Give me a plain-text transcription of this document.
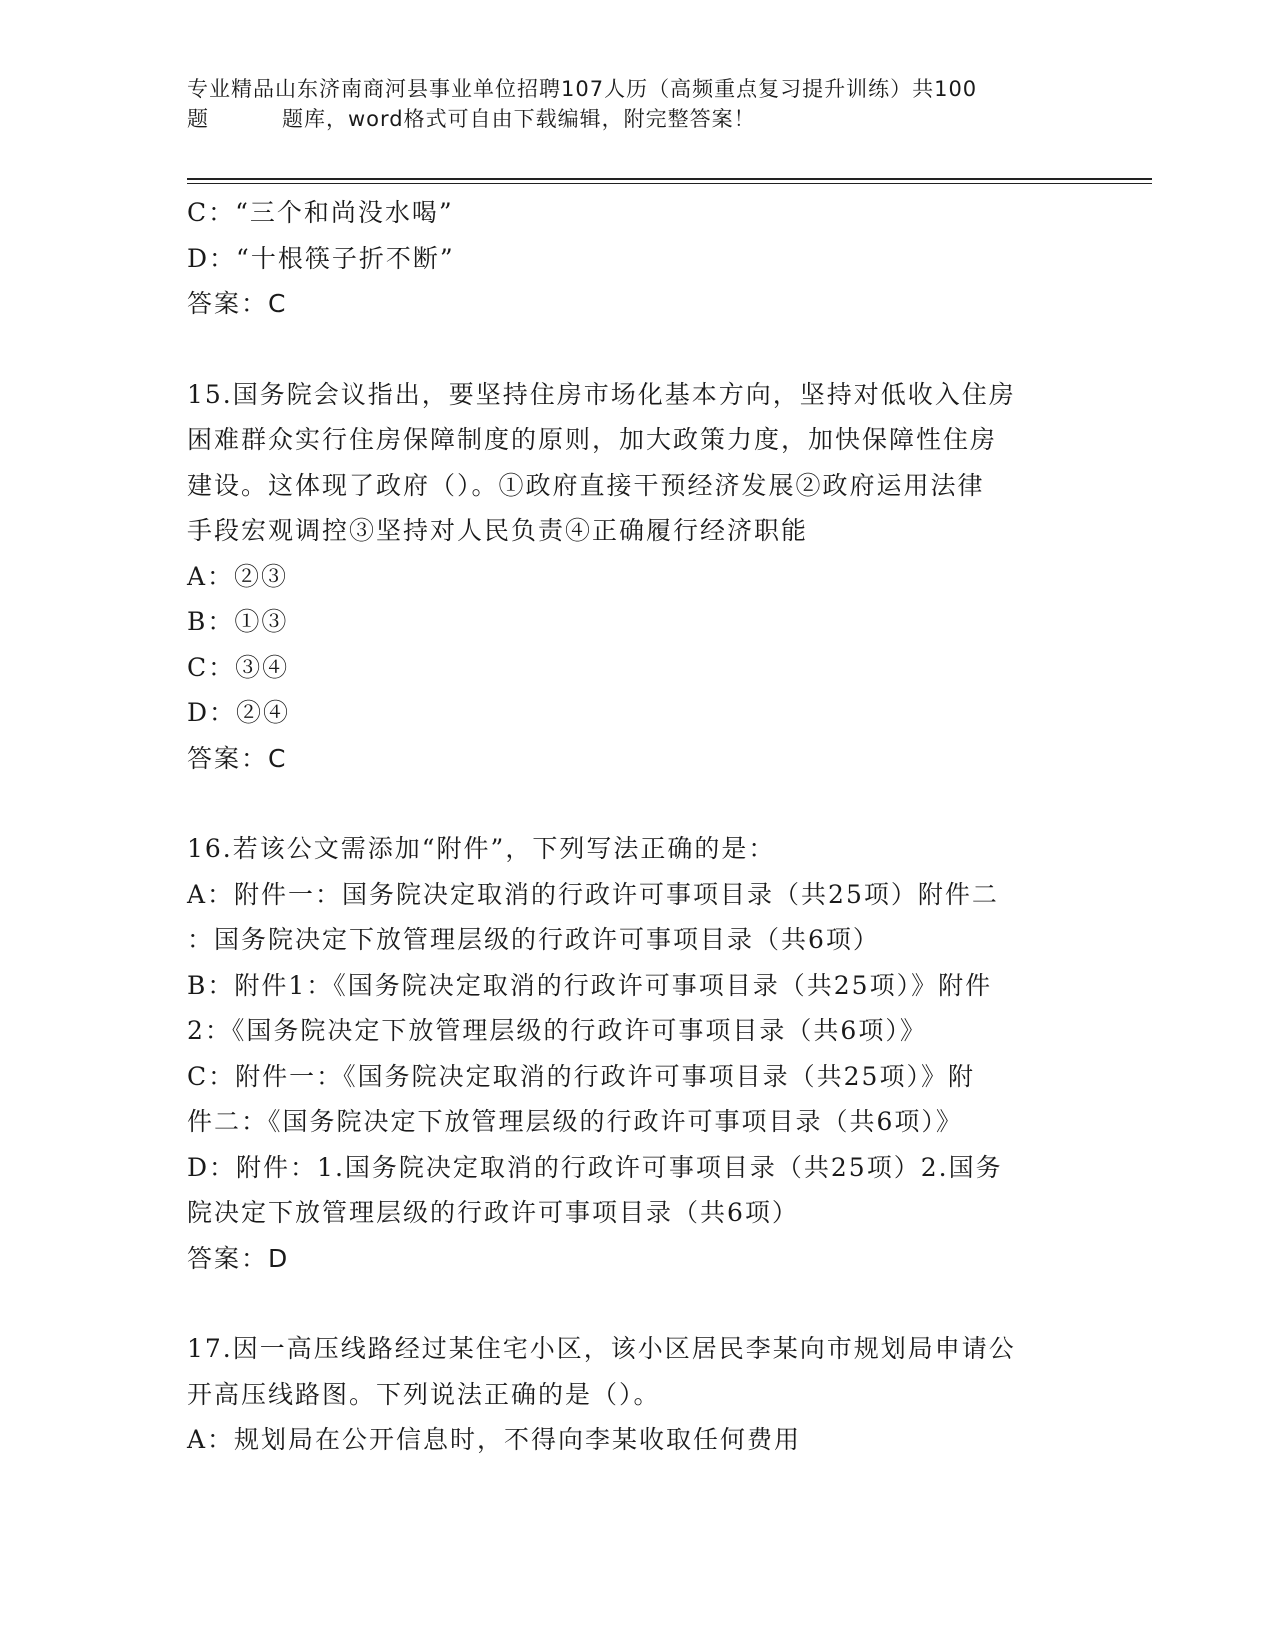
专业精品山东济南商河县事业单位招聘107人历（高频重点复习提升训练）共100
题	题库，word格式可自由下载编辑，附完整答案！

C：“三个和尚没水喝”

D：“十根筷子折不断”

答案：C

15.国务院会议指出，要坚持住房市场化基本方向，坚持对低收入住房

困难群众实行住房保障制度的原则，加大政策力度，加快保障性住房

建设。这体现了政府（）。①政府直接干预经济发展②政府运用法律

手段宏观调控③坚持对人民负责④正确履行经济职能

A：②③

B：①③

C：③④

D：②④

答案：C

16.若该公文需添加“附件”，下列写法正确的是：

A：附件一：国务院决定取消的行政许可事项目录（共25项）附件二

：国务院决定下放管理层级的行政许可事项目录（共6项）

B：附件1：《国务院决定取消的行政许可事项目录（共25项）》附件

2：《国务院决定下放管理层级的行政许可事项目录（共6项）》

C：附件一：《国务院决定取消的行政许可事项目录（共25项）》附

件二：《国务院决定下放管理层级的行政许可事项目录（共6项）》

D：附件：1.国务院决定取消的行政许可事项目录（共25项）2.国务

院决定下放管理层级的行政许可事项目录（共6项）

答案：D

17.因一高压线路经过某住宅小区，该小区居民李某向市规划局申请公

开高压线路图。下列说法正确的是（）。

A：规划局在公开信息时，不得向李某收取任何费用
